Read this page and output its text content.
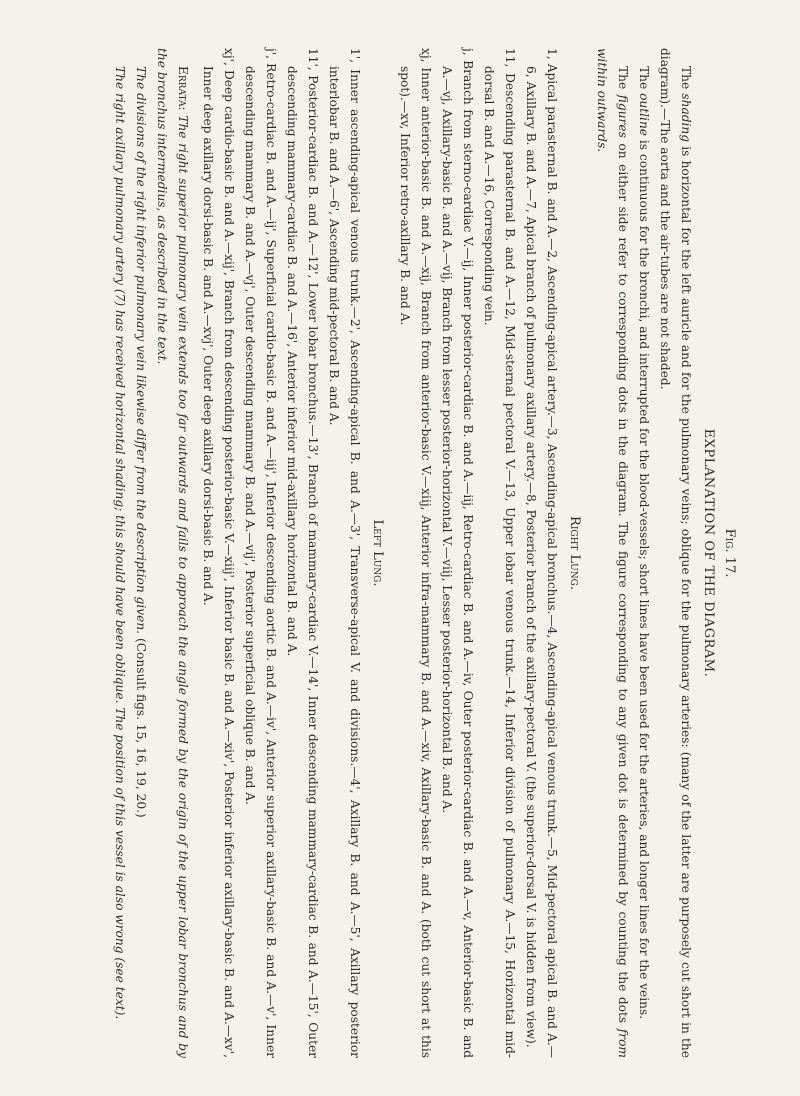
Fig. 17.

EXPLANATION OF THE DIAGRAM.

The shading is horizontal for the left auricle and for the pulmonary veins; oblique for the pulmonary arteries: (many of the latter are purposely cut short in the diagram).—The aorta and the air-tubes are not shaded.

The outline is continuous for the bronchi, and interrupted for the blood-vessels; short lines have been used for the arteries, and longer lines for the veins.

The figures on either side refer to corresponding dots in the diagram. The figure corresponding to any given dot is determined by counting the dots from within outwards.

Right Lung.

1, Apical parasternal B. and A.—2, Ascending-apical artery.—3, Ascending-apical bronchus.—4, Ascending-apical venous trunk.—5, Mid-pectoral apical B. and A.—6, Axillary B. and A.—7, Apical branch of pulmonary axillary artery.—8, Posterior branch of the axillary-pectoral V. (the superior-dorsal V. is hidden from view).

11, Descending parasternal B. and A.—12, Mid-sternal pectoral V.—13, Upper lobar venous trunk.—14, Inferior division of pulmonary A.—15, Horizontal mid-dorsal B. and A.—16, Corresponding vein.

j, Branch from sterno-cardiac V.—ij, Inner posterior-cardiac B. and A.—iij, Retro-cardiac B. and A.—iv, Outer posterior-cardiac B. and A.—v, Anterior-basic B. and A.—vj, Axillary-basic B. and A.—vij, Branch from lesser posterior-horizontal V.—viij, Lesser posterior-horizontal B. and A.

xj, Inner anterior-basic B. and A.—xij, Branch from anterior-basic V.—xiij, Anterior infra-mammary B. and A.—xiv, Axillary-basic B. and A. (both cut short at this spot).—xv, Inferior retro-axillary B. and A.

Left Lung.

1', Inner ascending-apical venous trunk.—2', Ascending-apical B. and A.—3', Transverse-apical V. and divisions.—4', Axillary B. and A.—5', Axillary posterior interlobar B. and A.—6', Ascending mid-pectoral B. and A.

11', Posterior-cardiac B. and A.—12', Lower lobar bronchus.—13', Branch of mammary-cardiac V.—14', Inner descending mammary-cardiac B. and A.—15', Outer descending mammary-cardiac B. and A.—16', Anterior inferior mid-axillary horizontal B. and A.

j', Retro-cardiac B. and A.—ij', Superficial cardio-basic B. and A.—iij', Inferior descending aortic B. and A.—iv', Anterior superior axillary-basic B. and A.—v', Inner descending mammary B. and A.—vj', Outer descending mammary B. and A.—vij', Posterior superficial oblique B. and A.

xj', Deep cardio-basic B. and A.—xij', Branch from descending posterior-basic V.—xiij', Inferior basic B. and A.—xiv', Posterior inferior axillary-basic B. and A.—xv', Inner deep axillary dorsi-basic B. and A.—xvj', Outer deep axillary dorsi-basic B. and A.

Errata: The right superior pulmonary vein extends too far outwards and fails to approach the angle formed by the origin of the upper lobar bronchus and by the bronchus intermedius, as described in the text.

The divisions of the right inferior pulmonary vein likewise differ from the description given. (Consult figs. 15, 16, 19, 20.)

The right axillary pulmonary artery (7) has received horizontal shading; this should have been oblique. The position of this vessel is also wrong (see text).
